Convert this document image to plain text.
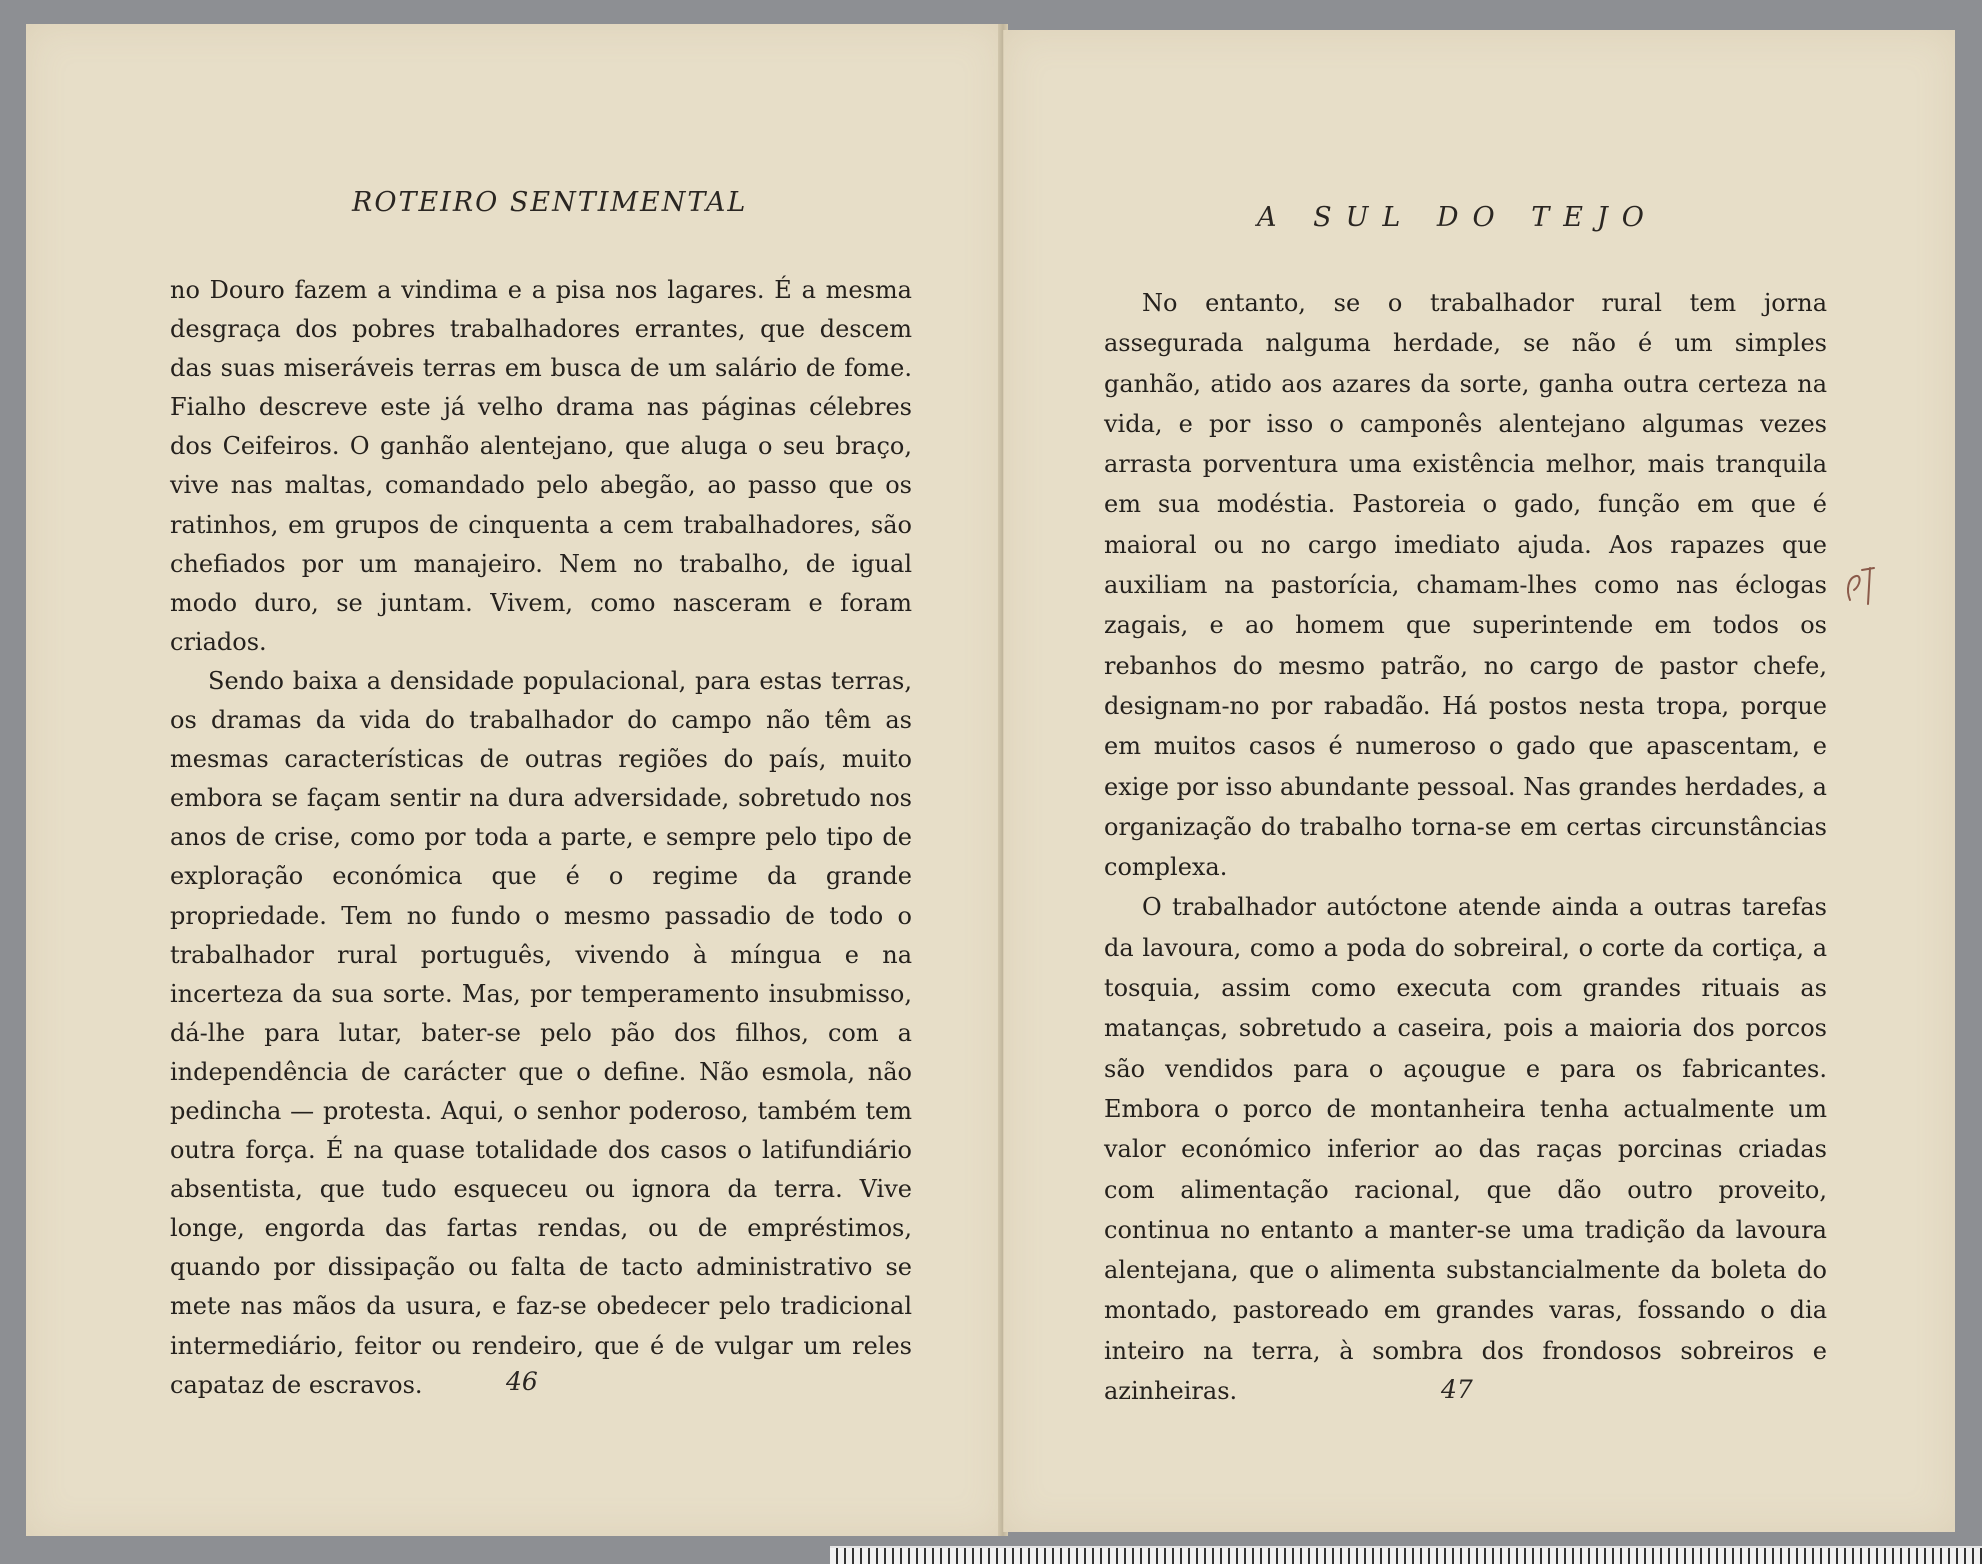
ROTEIRO SENTIMENTAL

no Douro fazem a vindima e a pisa nos lagares. É a mesma desgraça dos pobres trabalhadores errantes, que descem das suas miseráveis terras em busca de um salário de fome. Fialho descreve este já velho drama nas páginas célebres dos Ceifeiros. O ganhão alentejano, que aluga o seu braço, vive nas maltas, comandado pelo abegão, ao passo que os ratinhos, em grupos de cinquenta a cem trabalhadores, são chefiados por um manajeiro. Nem no trabalho, de igual modo duro, se juntam. Vivem, como nasceram e foram criados.

Sendo baixa a densidade populacional, para estas terras, os dramas da vida do trabalhador do campo não têm as mesmas características de outras regiões do país, muito embora se façam sentir na dura adversidade, sobretudo nos anos de crise, como por toda a parte, e sempre pelo tipo de exploração económica que é o regime da grande propriedade. Tem no fundo o mesmo passadio de todo o trabalhador rural português, vivendo à míngua e na incerteza da sua sorte. Mas, por temperamento insubmisso, dá-lhe para lutar, bater-se pelo pão dos filhos, com a independência de carácter que o define. Não esmola, não pedincha — protesta. Aqui, o senhor poderoso, também tem outra força. É na quase totalidade dos casos o latifundiário absentista, que tudo esqueceu ou ignora da terra. Vive longe, engorda das fartas rendas, ou de empréstimos, quando por dissipação ou falta de tacto administrativo se mete nas mãos da usura, e faz-se obedecer pelo tradicional intermediário, feitor ou rendeiro, que é de vulgar um reles capataz de escravos.	46
A SUL DO TEJO

No entanto, se o trabalhador rural tem jorna assegurada nalguma herdade, se não é um simples ganhão, atido aos azares da sorte, ganha outra certeza na vida, e por isso o camponês alentejano algumas vezes arrasta porventura uma existência melhor, mais tranquila em sua modéstia. Pastoreia o gado, função em que é maioral ou no cargo imediato ajuda. Aos rapazes que auxiliam na pastorícia, chamam-lhes como nas éclogas zagais, e ao homem que superintende em todos os rebanhos do mesmo patrão, no cargo de pastor chefe, designam-no por rabadão. Há postos nesta tropa, porque em muitos casos é numeroso o gado que apascentam, e exige por isso abundante pessoal. Nas grandes herdades, a organização do trabalho torna-se em certas circunstâncias complexa.

O trabalhador autóctone atende ainda a outras tarefas da lavoura, como a poda do sobreiral, o corte da cortiça, a tosquia, assim como executa com grandes rituais as matanças, sobretudo a caseira, pois a maioria dos porcos são vendidos para o açougue e para os fabricantes. Embora o porco de montanheira tenha actualmente um valor económico inferior ao das raças porcinas criadas com alimentação racional, que dão outro proveito, continua no entanto a manter-se uma tradição da lavoura alentejana, que o alimenta substancialmente da boleta do montado, pastoreado em grandes varas, fossando o dia inteiro na terra, à sombra dos frondosos sobreiros e azinheiras.	47
